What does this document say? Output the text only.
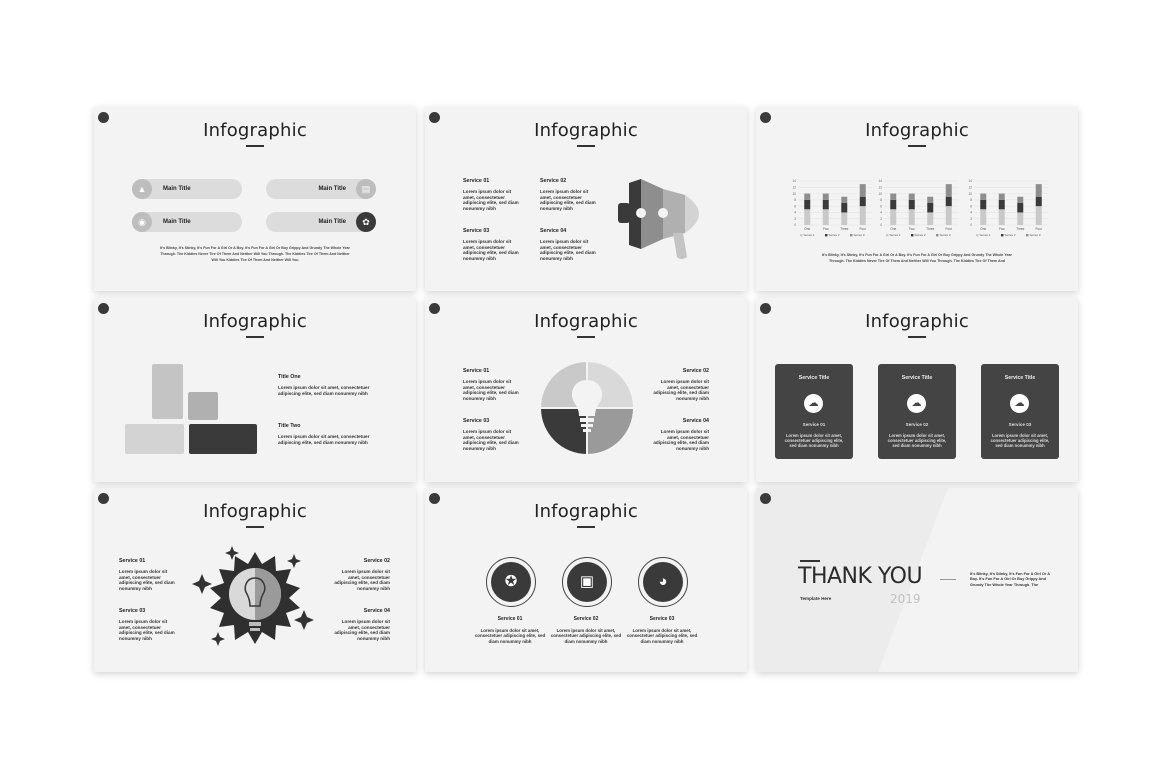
Infographic
▲	Main Title	▤
Main Title
◉	Main Title	✿
Main Title
It's Blinky, It's Stinky, It's Fun For A Girl Or A Boy. It's Fun For A Girl Or Boy Grippy And Grundy The Whole Year Through. The Kiddies Never Tire Of Them And Neither Will You Through. The Kiddies Tire Of Them And Neither Will You Kiddies Tire Of Them And Neither Will You
Infographic
Service 01
Lorem ipsum dolor sit amet, consectetuer adipiscing elite, sed diam nonummy nibh
Service 02
Lorem ipsum dolor sit amet, consectetuer adipiscing elite, sed diam nonummy nibh
Service 03
Lorem ipsum dolor sit amet, consectetuer adipiscing elite, sed diam nonummy nibh
Service 04
Lorem ipsum dolor sit amet, consectetuer adipiscing elite, sed diam nonummy nibh
Infographic
0
2
4
6
8
10
12
14
One	Two	Three	Four
Series 1	Series 2	Series 3
0
2
4
6
8
10
12
14
One	Two	Three	Four
Series 1	Series 2	Series 3
0
2
4
6
8
10
12
14
One	Two	Three	Four
Series 1	Series 2	Series 3
It's Blinky, It's Stinky, It's Fun For A Girl Or A Boy. It's Fun For A Girl Or Boy Grippy And Grundy The Whole Year Through. The Kiddies Never Tire Of Them And Neither Will You Through. The Kiddies Tire Of Them And
Infographic
Title One
Lorem ipsum dolor sit amet, consectetuer adipiscing elite, sed diam nonummy nibh
Title Two
Lorem ipsum dolor sit amet, consectetuer adipiscing elite, sed diam nonummy nibh
Infographic
Service 01
Lorem ipsum dolor sit amet, consectetuer adipiscing elite, sed diam nonummy nibh
Service 03
Lorem ipsum dolor sit amet, consectetuer adipiscing elite, sed diam nonummy nibh
Service 02
Lorem ipsum dolor sit amet, consectetuer adipiscing elite, sed diam nonummy nibh
Service 04
Lorem ipsum dolor sit amet, consectetuer adipiscing elite, sed diam nonummy nibh
Infographic
Service Title
☁
Service 01
Lorem ipsum dolor sit amet, consectetuer adipiscing elite, sed diam nonummy nibh
Service Title
☁
Service 02
Lorem ipsum dolor sit amet, consectetuer adipiscing elite, sed diam nonummy nibh
Service Title
☁
Service 03
Lorem ipsum dolor sit amet, consectetuer adipiscing elite, sed diam nonummy nibh
Infographic
Service 01
Lorem ipsum dolor sit amet, consectetuer adipiscing elite, sed diam nonummy nibh
Service 03
Lorem ipsum dolor sit amet, consectetuer adipiscing elite, sed diam nonummy nibh
Service 02
Lorem ipsum dolor sit amet, consectetuer adipiscing elite, sed diam nonummy nibh
Service 04
Lorem ipsum dolor sit amet, consectetuer adipiscing elite, sed diam nonummy nibh
Infographic
✪	▣	◕
Service 01
Lorem ipsum dolor sit amet, consectetuer adipiscing elite, sed diam nonummy nibh
Service 02
Lorem ipsum dolor sit amet, consectetuer adipiscing elite, sed diam nonummy nibh
Service 03
Lorem ipsum dolor sit amet, consectetuer adipiscing elite, sed diam nonummy nibh
THANK YOU
Template Here	2019
It's Blinky, It's Stinky, It's Fun For A Girl Or A Boy. It's Fun For A Girl Or Boy Grippy And Grundy The Whole Year Through. The
